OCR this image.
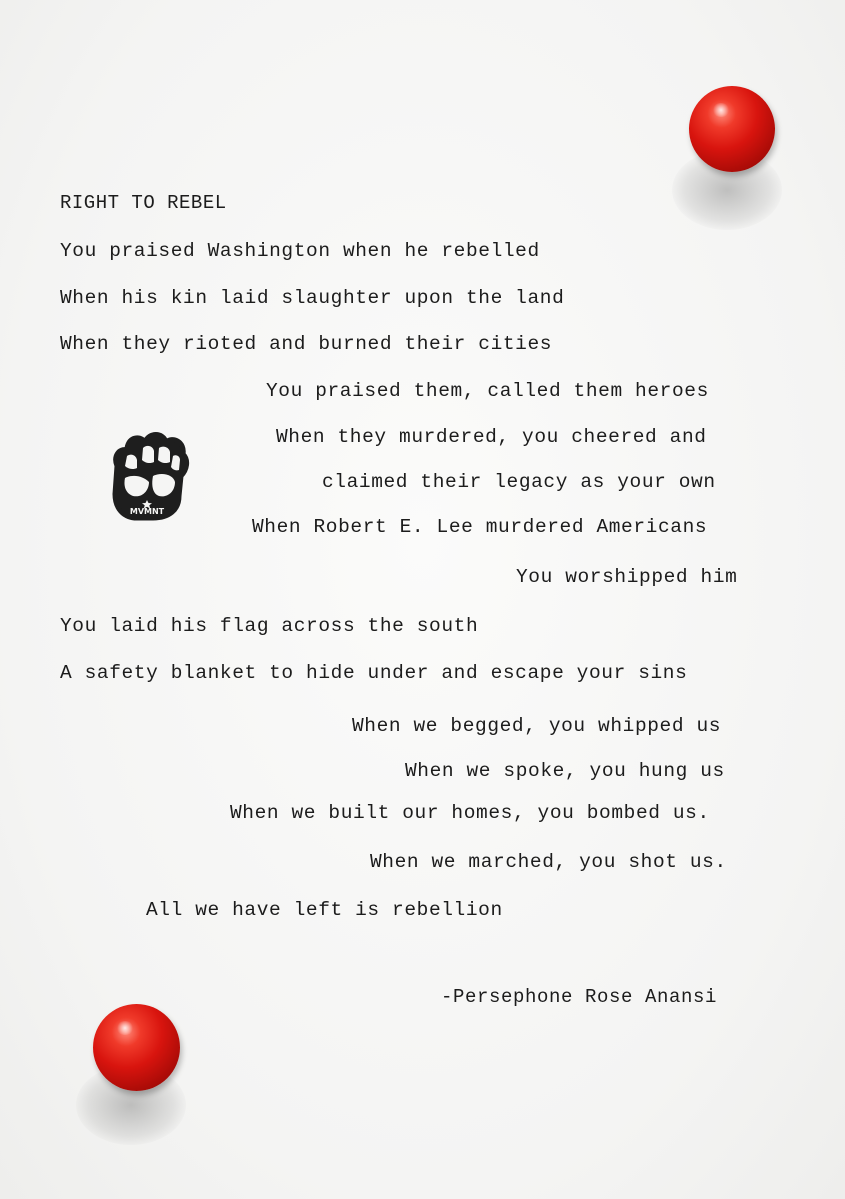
RIGHT TO REBEL
You praised Washington when he rebelled
When his kin laid slaughter upon the land
When they rioted and burned their cities
You praised them, called them heroes
When they murdered, you cheered and
claimed their legacy as your own
When Robert E. Lee murdered Americans
You worshipped him
You laid his flag across the south
A safety blanket to hide under and escape your sins
When we begged, you whipped us
When we spoke, you hung us
When we built our homes, you bombed us.
When we marched, you shot us.
All we have left is rebellion
-Persephone Rose Anansi
MVMNT
